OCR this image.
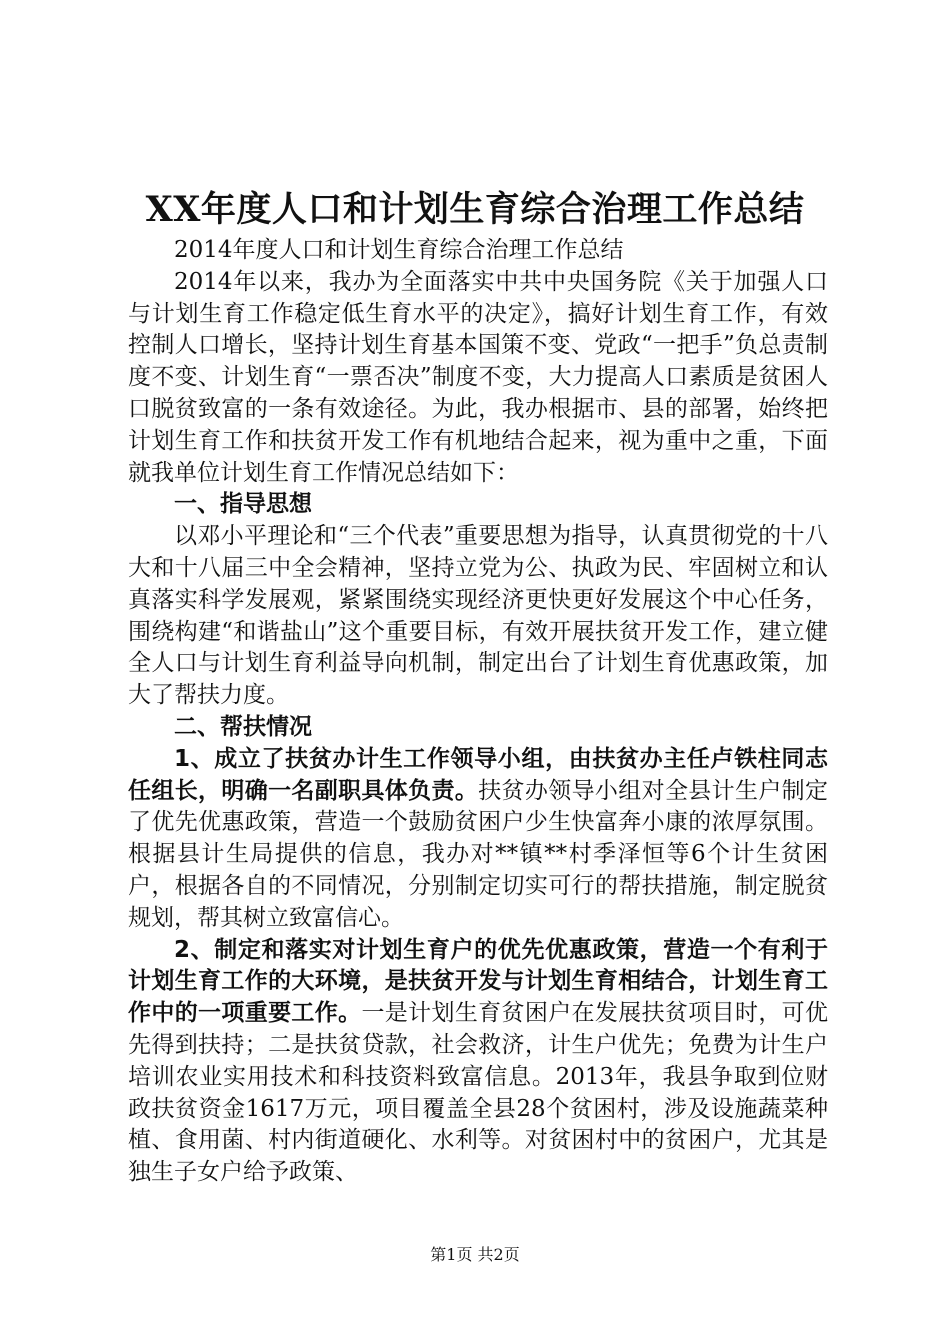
XX年度人口和计划生育综合治理工作总结

2014年度人口和计划生育综合治理工作总结

2014年以来，我办为全面落实中共中央国务院《关于加强人口与计划生育工作稳定低生育水平的决定》，搞好计划生育工作，有效控制人口增长，坚持计划生育基本国策不变、党政“一把手”负总责制度不变、计划生育“一票否决”制度不变，大力提高人口素质是贫困人口脱贫致富的一条有效途径。为此，我办根据市、县的部署，始终把计划生育工作和扶贫开发工作有机地结合起来，视为重中之重，下面就我单位计划生育工作情况总结如下：

一、指导思想

以邓小平理论和“三个代表”重要思想为指导，认真贯彻党的十八大和十八届三中全会精神，坚持立党为公、执政为民、牢固树立和认真落实科学发展观，紧紧围绕实现经济更快更好发展这个中心任务，围绕构建“和谐盐山”这个重要目标，有效开展扶贫开发工作，建立健全人口与计划生育利益导向机制，制定出台了计划生育优惠政策，加大了帮扶力度。

二、帮扶情况

1、成立了扶贫办计生工作领导小组，由扶贫办主任卢铁柱同志任组长，明确一名副职具体负责。扶贫办领导小组对全县计生户制定了优先优惠政策，营造一个鼓励贫困户少生快富奔小康的浓厚氛围。根据县计生局提供的信息，我办对**镇**村季泽恒等6个计生贫困户，根据各自的不同情况，分别制定切实可行的帮扶措施，制定脱贫规划，帮其树立致富信心。

2、制定和落实对计划生育户的优先优惠政策，营造一个有利于计划生育工作的大环境，是扶贫开发与计划生育相结合，计划生育工作中的一项重要工作。一是计划生育贫困户在发展扶贫项目时，可优先得到扶持；二是扶贫贷款，社会救济，计生户优先；免费为计生户培训农业实用技术和科技资料致富信息。2013年，我县争取到位财政扶贫资金1617万元，项目覆盖全县28个贫困村，涉及设施蔬菜种植、食用菌、村内街道硬化、水利等。对贫困村中的贫困户，尤其是独生子女户给予政策、

第1页 共2页
